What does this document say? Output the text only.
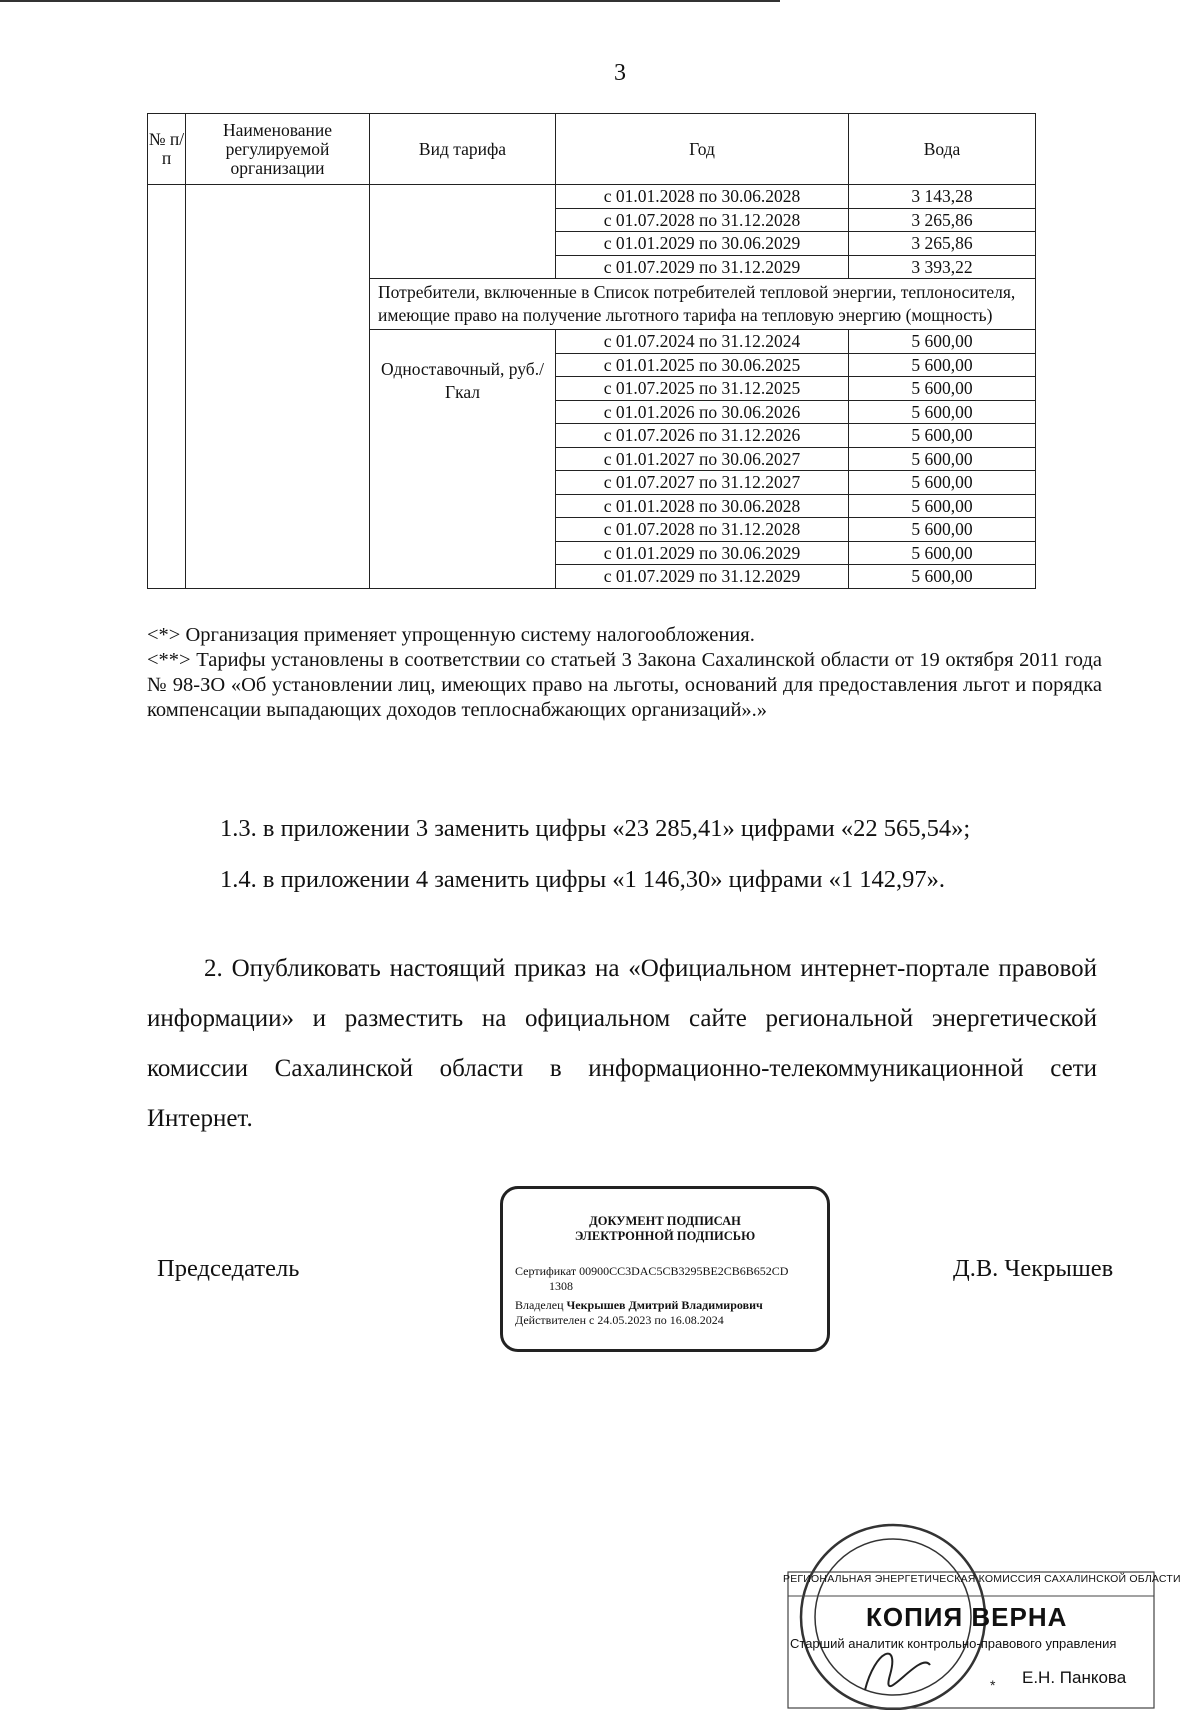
3
№ п/п	Наименование регулируемой организации	Вид тарифа	Год	Вода
			с 01.01.2028 по 30.06.2028	3 143,28
			с 01.07.2028 по 31.12.2028	3 265,86
			с 01.01.2029 по 30.06.2029	3 265,86
			с 01.07.2029 по 31.12.2029	3 393,22
		Потребители, включенные в Список потребителей тепловой энергии, теплоносителя, имеющие право на получение льготного тарифа на тепловую энергию (мощность)		
		Одноставочный, руб./Гкал	с 01.07.2024 по 31.12.2024	5 600,00
			с 01.01.2025 по 30.06.2025	5 600,00
			с 01.07.2025 по 31.12.2025	5 600,00
			с 01.01.2026 по 30.06.2026	5 600,00
			с 01.07.2026 по 31.12.2026	5 600,00
			с 01.01.2027 по 30.06.2027	5 600,00
			с 01.07.2027 по 31.12.2027	5 600,00
			с 01.01.2028 по 30.06.2028	5 600,00
			с 01.07.2028 по 31.12.2028	5 600,00
			с 01.01.2029 по 30.06.2029	5 600,00
			с 01.07.2029 по 31.12.2029	5 600,00

<*> Организация применяет упрощенную систему налогообложения.

<**> Тарифы установлены в соответствии со статьей 3 Закона Сахалинской области от 19 октября 2011 года № 98-ЗО «Об установлении лиц, имеющих право на льготы, оснований для предоставления льгот и порядка компенсации выпадающих доходов теплоснабжающих организаций».»

1.3. в приложении 3 заменить цифры «23 285,41» цифрами «22 565,54»;
1.4. в приложении 4 заменить цифры «1 146,30» цифрами «1 142,97».
2. Опубликовать настоящий приказ на «Официальном интернет-портале правовой информации» и разместить на официальном сайте региональной энергетической комиссии Сахалинской области в информационно-телекоммуникационной сети Интернет.
Председатель
ДОКУМЕНТ ПОДПИСАН
ЭЛЕКТРОННОЙ ПОДПИСЬЮ
Сертификат 00900CC3DAC5CB3295BE2CB6B652CD
1308
Владелец Чекрышев Дмитрий Владимирович
Действителен с 24.05.2023 по 16.08.2024
Д.В. Чекрышев
*
РЕГИОНАЛЬНАЯ ЭНЕРГЕТИЧЕСКАЯ КОМИССИЯ САХАЛИНСКОЙ ОБЛАСТИ
КОПИЯ ВЕРНА
Старший аналитик контрольно-правового управления
Е.Н. Панкова
